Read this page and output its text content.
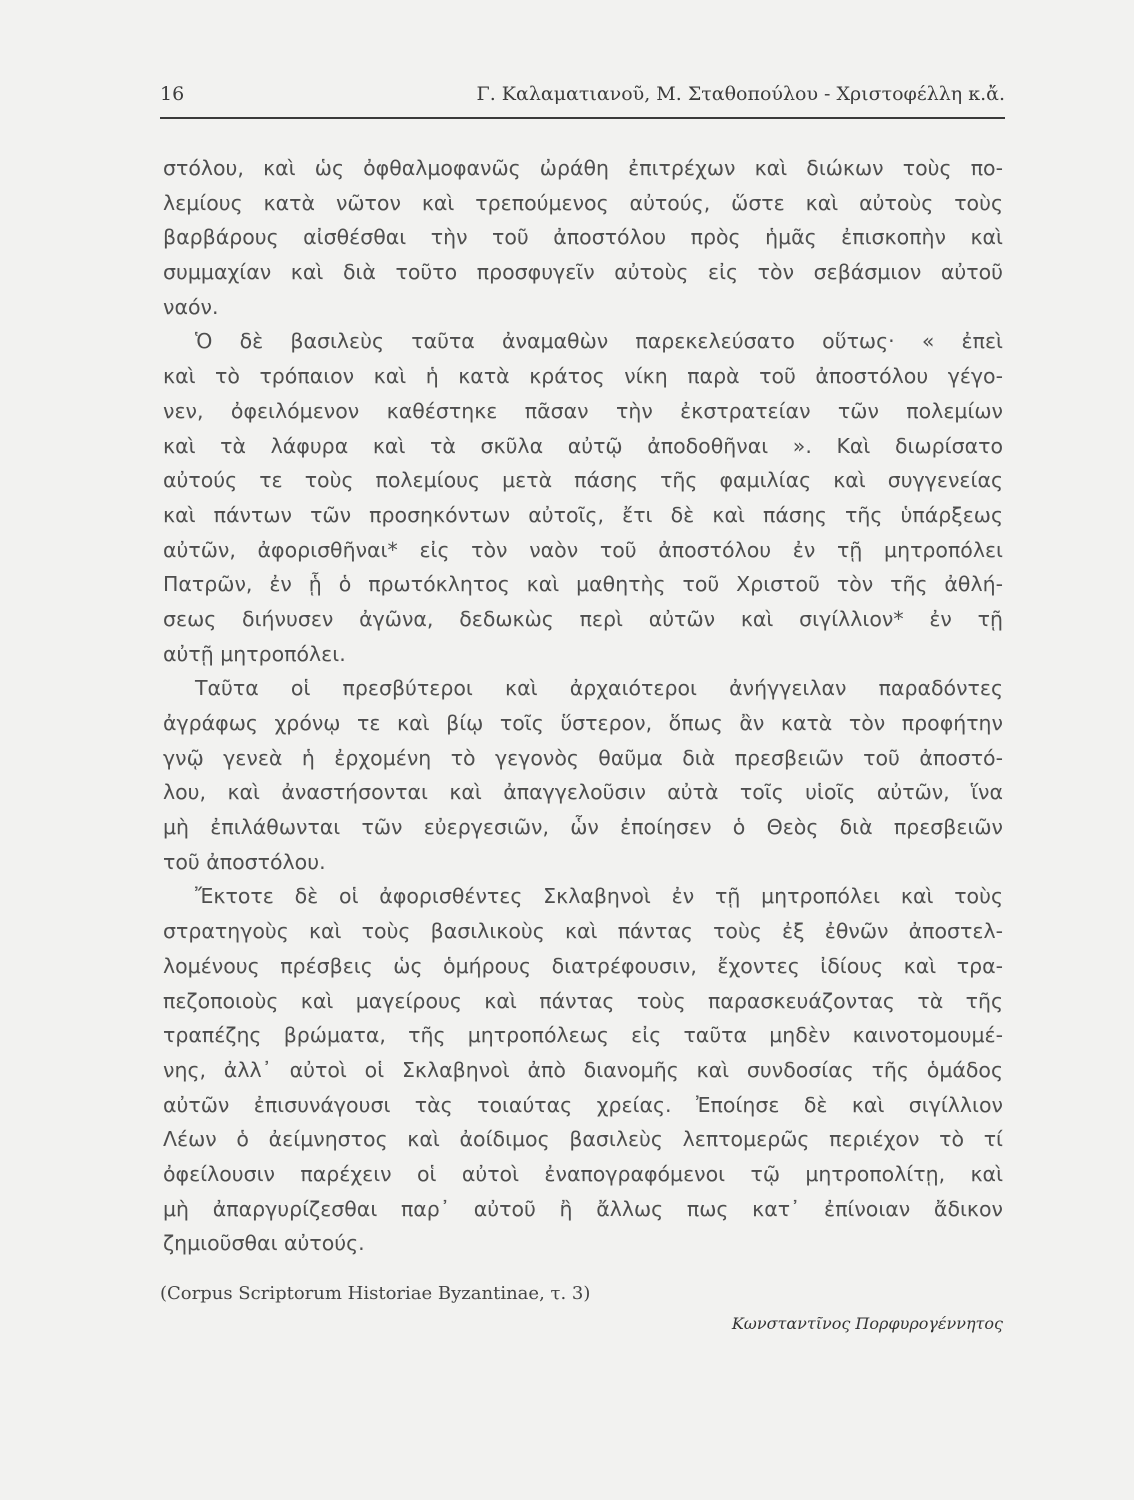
16	Γ. Καλαματιανοῦ, Μ. Σταθοπούλου - Χριστοφέλλη κ.ἄ.
στόλου, καὶ ὡς ὀφθαλμοφανῶς ὠράθη ἐπιτρέχων καὶ διώκων τοὺς πο-
λεμίους κατὰ νῶτον καὶ τρεπούμενος αὐτούς, ὥστε καὶ αὐτοὺς τοὺς
βαρβάρους αἰσθέσθαι τὴν τοῦ ἀποστόλου πρὸς ἡμᾶς ἐπισκοπὴν καὶ
συμμαχίαν καὶ διὰ τοῦτο προσφυγεῖν αὐτοὺς εἰς τὸν σεβάσμιον αὐτοῦ
ναόν.
Ὁ δὲ βασιλεὺς ταῦτα ἀναμαθὼν παρεκελεύσατο οὕτως· « ἐπεὶ
καὶ τὸ τρόπαιον καὶ ἡ κατὰ κράτος νίκη παρὰ τοῦ ἀποστόλου γέγο-
νεν, ὀφειλόμενον καθέστηκε πᾶσαν τὴν ἐκστρατείαν τῶν πολεμίων
καὶ τὰ λάφυρα καὶ τὰ σκῦλα αὐτῷ ἀποδοθῆναι ». Καὶ διωρίσατο
αὐτούς τε τοὺς πολεμίους μετὰ πάσης τῆς φαμιλίας καὶ συγγενείας
καὶ πάντων τῶν προσηκόντων αὐτοῖς, ἔτι δὲ καὶ πάσης τῆς ὑπάρξεως
αὐτῶν, ἀφορισθῆναι* εἰς τὸν ναὸν τοῦ ἀποστόλου ἐν τῇ μητροπόλει
Πατρῶν, ἐν ᾗ ὁ πρωτόκλητος καὶ μαθητὴς τοῦ Χριστοῦ τὸν τῆς ἀθλή-
σεως διήνυσεν ἀγῶνα, δεδωκὼς περὶ αὐτῶν καὶ σιγίλλιον* ἐν τῇ
αὐτῇ μητροπόλει.
Ταῦτα οἱ πρεσβύτεροι καὶ ἀρχαιότεροι ἀνήγγειλαν παραδόντες
ἀγράφως χρόνῳ τε καὶ βίῳ τοῖς ὕστερον, ὅπως ἂν κατὰ τὸν προφήτην
γνῷ γενεὰ ἡ ἐρχομένη τὸ γεγονὸς θαῦμα διὰ πρεσβειῶν τοῦ ἀποστό-
λου, καὶ ἀναστήσονται καὶ ἀπαγγελοῦσιν αὐτὰ τοῖς υἱοῖς αὐτῶν, ἵνα
μὴ ἐπιλάθωνται τῶν εὐεργεσιῶν, ὧν ἐποίησεν ὁ Θεὸς διὰ πρεσβειῶν
τοῦ ἀποστόλου.
Ἔκτοτε δὲ οἱ ἀφορισθέντες Σκλαβηνοὶ ἐν τῇ μητροπόλει καὶ τοὺς
στρατηγοὺς καὶ τοὺς βασιλικοὺς καὶ πάντας τοὺς ἐξ ἐθνῶν ἀποστελ-
λομένους πρέσβεις ὡς ὁμήρους διατρέφουσιν, ἔχοντες ἰδίους καὶ τρα-
πεζοποιοὺς καὶ μαγείρους καὶ πάντας τοὺς παρασκευάζοντας τὰ τῆς
τραπέζης βρώματα, τῆς μητροπόλεως εἰς ταῦτα μηδὲν καινοτομουμέ-
νης, ἀλλ᾽ αὐτοὶ οἱ Σκλαβηνοὶ ἀπὸ διανομῆς καὶ συνδοσίας τῆς ὁμάδος
αὐτῶν ἐπισυνάγουσι τὰς τοιαύτας χρείας. Ἐποίησε δὲ καὶ σιγίλλιον
Λέων ὁ ἀείμνηστος καὶ ἀοίδιμος βασιλεὺς λεπτομερῶς περιέχον τὸ τί
ὀφείλουσιν παρέχειν οἱ αὐτοὶ ἐναπογραφόμενοι τῷ μητροπολίτῃ, καὶ
μὴ ἀπαργυρίζεσθαι παρ᾽ αὐτοῦ ἢ ἄλλως πως κατ᾽ ἐπίνοιαν ἄδικον
ζημιοῦσθαι αὐτούς.
(Corpus Scriptorum Historiae Byzantinae, τ. 3)
Κωνσταντῖνος Πορφυρογέννητος
